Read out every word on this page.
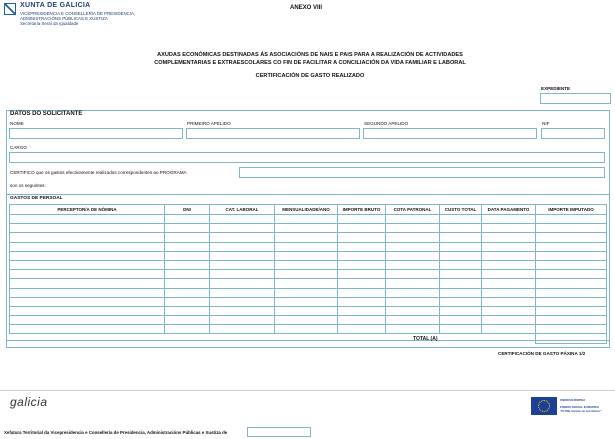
XUNTA DE GALICIA
VICEPRESIDENCIA E CONSELLERÍA DE PRESIDENCIA,
ADMINISTRACIÓNS PÚBLICAS E XUSTIZA
Secretaría Xeral da Igualdade
ANEXO VIII
AXUDAS ECONÓMICAS DESTINADAS ÁS ASOCIACIÓNS DE NAIS E PAIS PARA A REALIZACIÓN DE ACTIVIDADES
COMPLEMENTARIAS E EXTRAESCOLARES CO FIN DE FACILITAR A CONCILIACIÓN DA VIDA FAMILIAR E LABORAL
CERTIFICACIÓN DE GASTO REALIZADO
EXPEDIENTE
DATOS DO SOLICITANTE
NOME	PRIMEIRO APELIDO	SEGUNDO APELIDO	NIF
CARGO
CERTIFICO que os gastos efectivamente realizados correspondentes ao PROGRAMA
son os seguintes:
GASTOS DE PERSOAL
PERCEPTOR/A DE NÓMINA	DNI	CAT. LABORAL	MENSUALIDADE/ANO	IMPORTE BRUTO	COTA PATRONAL	CUSTO TOTAL	DATA PAGAMENTO	IMPORTE IMPUTADO

TOTAL (A)								
CERTIFICACIÓN DE GASTO PÁXINA 1/2
galicia	UNIÓN EUROPEA
FONDO SOCIAL EUROPEO
"O FSE inviste no teu futuro"
Xefatura Territorial da Vicepresidencia e Consellería de Presidencia, Administracións Públicas e Xustiza de
